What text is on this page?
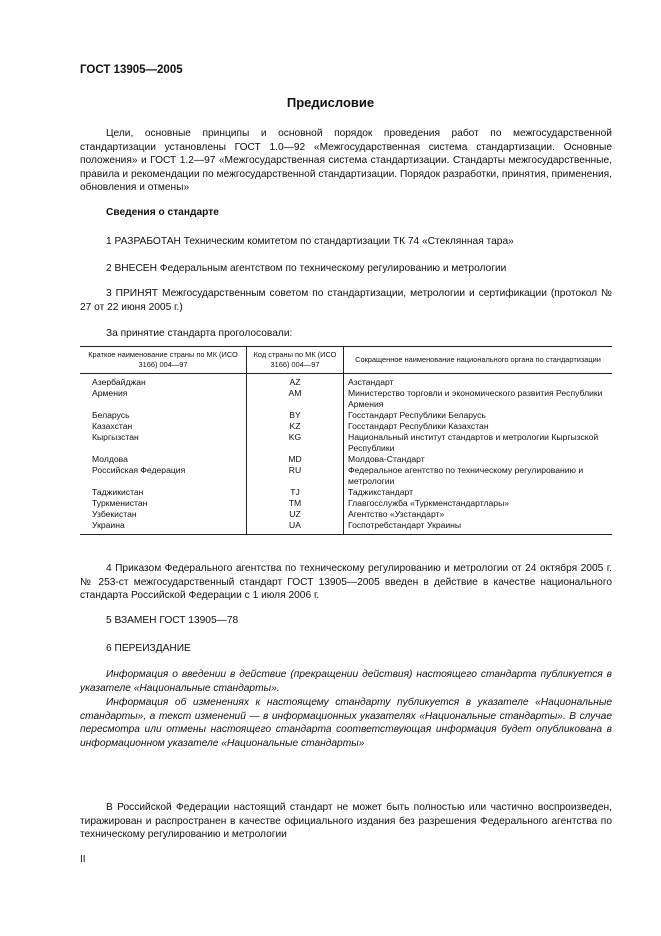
ГОСТ 13905—2005
Предисловие
Цели, основные принципы и основной порядок проведения работ по межгосударственной стандартизации установлены ГОСТ 1.0—92 «Межгосударственная система стандартизации. Основные положения» и ГОСТ 1.2—97 «Межгосударственная система стандартизации. Стандарты межгосударственные, правила и рекомендации по межгосударственной стандартизации. Порядок разработки, принятия, применения, обновления и отмены»
Сведения о стандарте
1 РАЗРАБОТАН Техническим комитетом по стандартизации ТК 74 «Стеклянная тара»
2 ВНЕСЕН Федеральным агентством по техническому регулированию и метрологии
3 ПРИНЯТ Межгосударственным советом по стандартизации, метрологии и сертификации (протокол № 27 от 22 июня 2005 г.)
За принятие стандарта проголосовали:
Краткое наименование страны по МК (ИСО 3166) 004—97	Код страны по МК (ИСО 3166) 004—97	Сокращенное наименование национального органа по стандартизации
Азербайджан	AZ	Азстандарт
Армения	AM	Министерство торговли и экономического развития Республики Армения
Беларусь	BY	Госстандарт Республики Беларусь
Казахстан	KZ	Госстандарт Республики Казахстан
Кыргызстан	KG	Национальный институт стандартов и метрологии Кыргызской Республики
Молдова	MD	Молдова-Стандарт
Российская Федерация	RU	Федеральное агентство по техническому регулированию и метрологии
Таджикистан	TJ	Таджикстандарт
Туркменистан	TM	Главгосслужба «Туркменстандартлары»
Узбекистан	UZ	Агентство «Узстандарт»
Украина	UA	Госпотребстандарт Украины
4 Приказом Федерального агентства по техническому регулированию и метрологии от 24 октября 2005 г. № 253-ст межгосударственный стандарт ГОСТ 13905—2005 введен в действие в качестве национального стандарта Российской Федерации с 1 июля 2006 г.
5 ВЗАМЕН ГОСТ 13905—78
6 ПЕРЕИЗДАНИЕ
Информация о введении в действие (прекращении действия) настоящего стандарта публикуется в указателе «Национальные стандарты».
Информация об изменениях к настоящему стандарту публикуется в указателе «Национальные стандарты», а текст изменений — в информационных указателях «Национальные стандарты». В случае пересмотра или отмены настоящего стандарта соответствующая информация будет опубликована в информационном указателе «Национальные стандарты»
В Российской Федерации настоящий стандарт не может быть полностью или частично воспроизведен, тиражирован и распространен в качестве официального издания без разрешения Федерального агентства по техническому регулированию и метрологии
II
